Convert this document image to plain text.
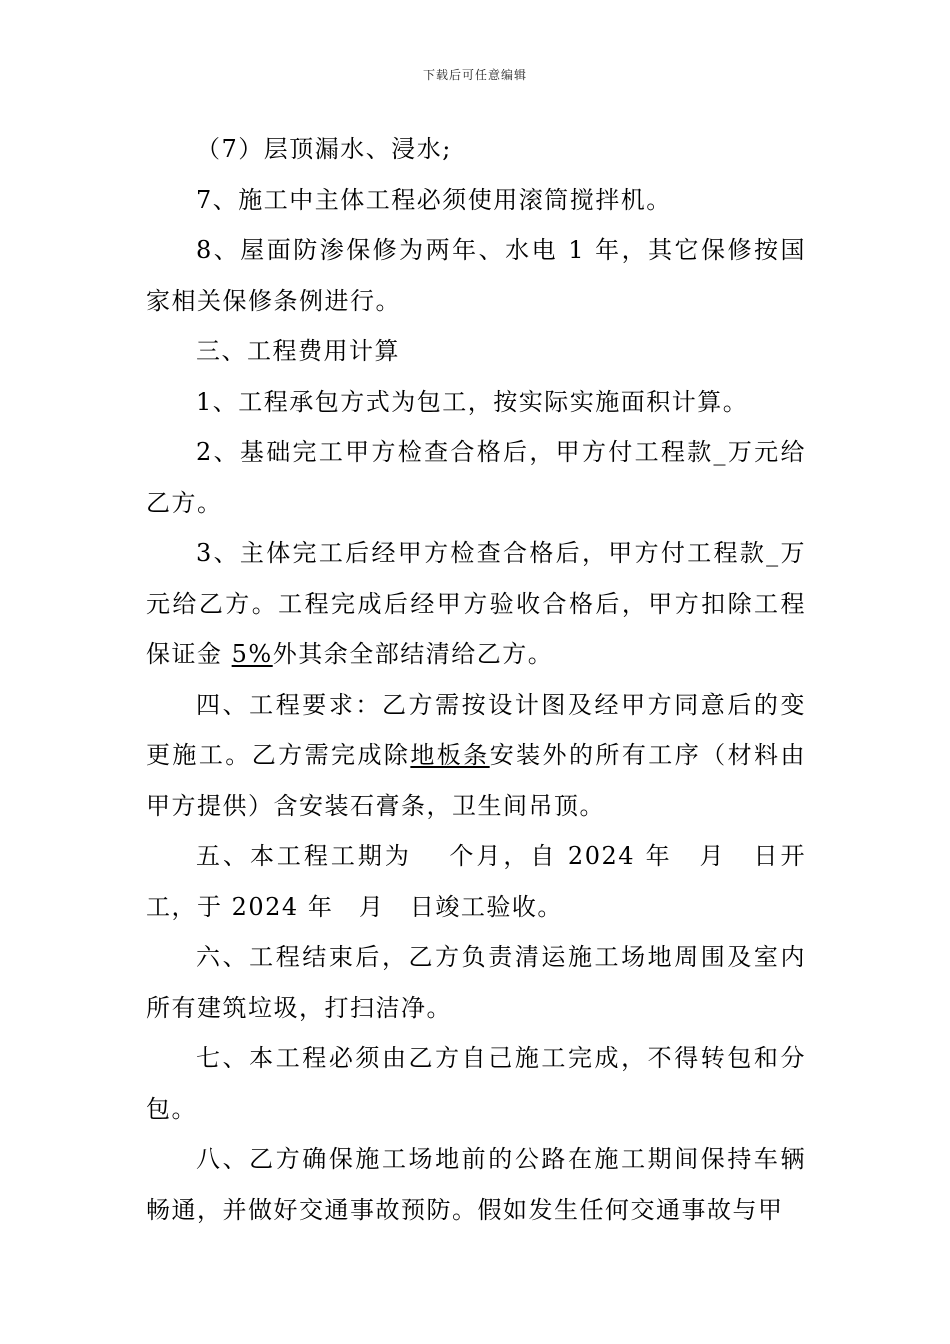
下载后可任意编辑

（7）层顶漏水、浸水;

7、施工中主体工程必须使用滚筒搅拌机。

8、屋面防渗保修为两年、水电 1 年，其它保修按国家相关保修条例进行。

三、工程费用计算

1、工程承包方式为包工，按实际实施面积计算。

2、基础完工甲方检查合格后，甲方付工程款_万元给乙方。

3、主体完工后经甲方检查合格后，甲方付工程款_万元给乙方。工程完成后经甲方验收合格后，甲方扣除工程保证金 5%外其余全部结清给乙方。

四、工程要求：乙方需按设计图及经甲方同意后的变更施工。乙方需完成除地板条安装外的所有工序（材料由甲方提供）含安装石膏条，卫生间吊顶。

五、本工程工期为　 个月，自 2024 年　月　日开工，于 2024 年　月　日竣工验收。

六、工程结束后，乙方负责清运施工场地周围及室内所有建筑垃圾，打扫洁净。

七、本工程必须由乙方自己施工完成，不得转包和分包。

八、乙方确保施工场地前的公路在施工期间保持车辆畅通，并做好交通事故预防。假如发生任何交通事故与甲
